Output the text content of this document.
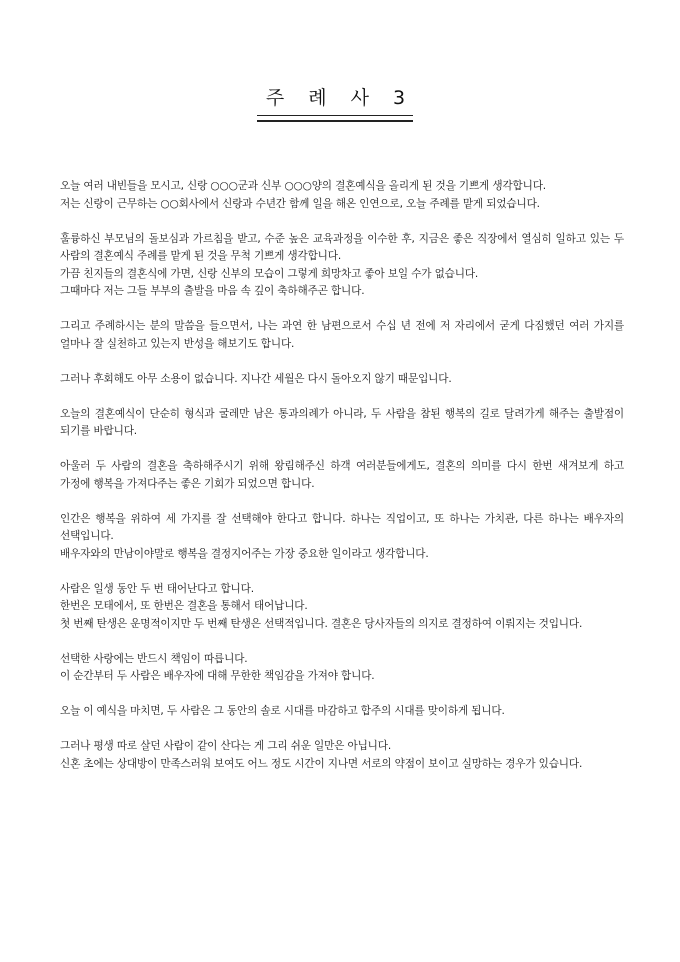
주 례 사 3
오늘 여러 내빈들을 모시고, 신랑 ○○○군과 신부 ○○○양의 결혼예식을 올리게 된 것을 기쁘게 생각합니다.
저는 신랑이 근무하는 ○○회사에서 신랑과 수년간 함께 일을 해온 인연으로, 오늘 주례를 맡게 되었습니다.
훌륭하신 부모님의 돌보심과 가르침을 받고, 수준 높은 교육과정을 이수한 후, 지금은 좋은 직장에서 열심히 일하고 있는 두 사람의 결혼예식 주례를 맡게 된 것을 무척 기쁘게 생각합니다.
가끔 친지들의 결혼식에 가면, 신랑 신부의 모습이 그렇게 희망차고 좋아 보일 수가 없습니다.
그때마다 저는 그들 부부의 출발을 마음 속 깊이 축하해주곤 합니다.
그리고 주례하시는 분의 말씀을 들으면서, 나는 과연 한 남편으로서 수십 년 전에 저 자리에서 굳게 다짐했던 여러 가지를 얼마나 잘 실천하고 있는지 반성을 해보기도 합니다.
그러나 후회해도 아무 소용이 없습니다. 지나간 세월은 다시 돌아오지 않기 때문입니다.
오늘의 결혼예식이 단순히 형식과 굴레만 남은 통과의례가 아니라, 두 사람을 참된 행복의 길로 달려가게 해주는 출발점이 되기를 바랍니다.
아울러 두 사람의 결혼을 축하해주시기 위해 왕림해주신 하객 여러분들에게도, 결혼의 의미를 다시 한번 새겨보게 하고 가정에 행복을 가져다주는 좋은 기회가 되었으면 합니다.
인간은 행복을 위하여 세 가지를 잘 선택해야 한다고 합니다. 하나는 직업이고, 또 하나는 가치관, 다른 하나는 배우자의 선택입니다.
배우자와의 만남이야말로 행복을 결정지어주는 가장 중요한 일이라고 생각합니다.
사람은 일생 동안 두 번 태어난다고 합니다.
한번은 모태에서, 또 한번은 결혼을 통해서 태어납니다.
첫 번째 탄생은 운명적이지만 두 번째 탄생은 선택적입니다. 결혼은 당사자들의 의지로 결정하여 이뤄지는 것입니다.
선택한 사랑에는 반드시 책임이 따릅니다.
이 순간부터 두 사람은 배우자에 대해 무한한 책임감을 가져야 합니다.
오늘 이 예식을 마치면, 두 사람은 그 동안의 솔로 시대를 마감하고 합주의 시대를 맞이하게 됩니다.
그러나 평생 따로 살던 사람이 같이 산다는 게 그리 쉬운 일만은 아닙니다.
신혼 초에는 상대방이 만족스러워 보여도 어느 정도 시간이 지나면 서로의 약점이 보이고 실망하는 경우가 있습니다.
